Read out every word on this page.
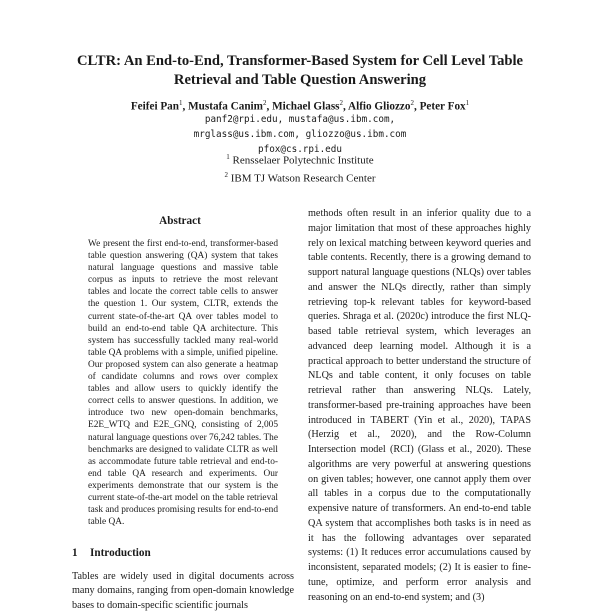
CLTR: An End-to-End, Transformer-Based System for Cell Level Table
Retrieval and Table Question Answering
Feifei Pan$^1$, Mustafa Canim$^2$, Michael Glass$^2$, Alfio Gliozzo$^2$, Peter Fox$^1$
panf2@rpi.edu, mustafa@us.ibm.com,
mrglass@us.ibm.com, gliozzo@us.ibm.com
pfox@cs.rpi.edu
$^1$ Rensselaer Polytechnic Institute
$^2$ IBM TJ Watson Research Center
Abstract
We present the first end-to-end, transformer-based table question answering (QA) system that takes natural language questions and massive table corpus as inputs to retrieve the most relevant tables and locate the correct table cells to answer the question 1. Our system, CLTR, extends the current state-of-the-art QA over tables model to build an end-to-end table QA architecture. This system has successfully tackled many real-world table QA problems with a simple, unified pipeline. Our proposed system can also generate a heatmap of candidate columns and rows over complex tables and allow users to quickly identify the correct cells to answer questions. In addition, we introduce two new open-domain benchmarks, E2E_WTQ and E2E_GNQ, consisting of 2,005 natural language questions over 76,242 tables. The benchmarks are designed to validate CLTR as well as accommodate future table retrieval and end-to-end table QA research and experiments. Our experiments demonstrate that our system is the current state-of-the-art model on the table retrieval task and produces promising results for end-to-end table QA.
1 Introduction
Tables are widely used in digital documents across many domains, ranging from open-domain knowledge bases to domain-specific scientific journals
methods often result in an inferior quality due to a major limitation that most of these approaches highly rely on lexical matching between keyword queries and table contents. Recently, there is a growing demand to support natural language questions (NLQs) over tables and answer the NLQs directly, rather than simply retrieving top-k relevant tables for keyword-based queries. Shraga et al. (2020c) introduce the first NLQ-based table retrieval system, which leverages an advanced deep learning model. Although it is a practical approach to better understand the structure of NLQs and table content, it only focuses on table retrieval rather than answering NLQs. Lately, transformer-based pre-training approaches have been introduced in TABERT (Yin et al., 2020), TAPAS (Herzig et al., 2020), and the Row-Column Intersection model (RCI) (Glass et al., 2020). These algorithms are very powerful at answering questions on given tables; however, one cannot apply them over all tables in a corpus due to the computationally expensive nature of transformers. An end-to-end table QA system that accomplishes both tasks is in need as it has the following advantages over separated systems: (1) It reduces error accumulations caused by inconsistent, separated models; (2) It is easier to fine-tune, optimize, and perform error analysis and reasoning on an end-to-end system; and (3)
